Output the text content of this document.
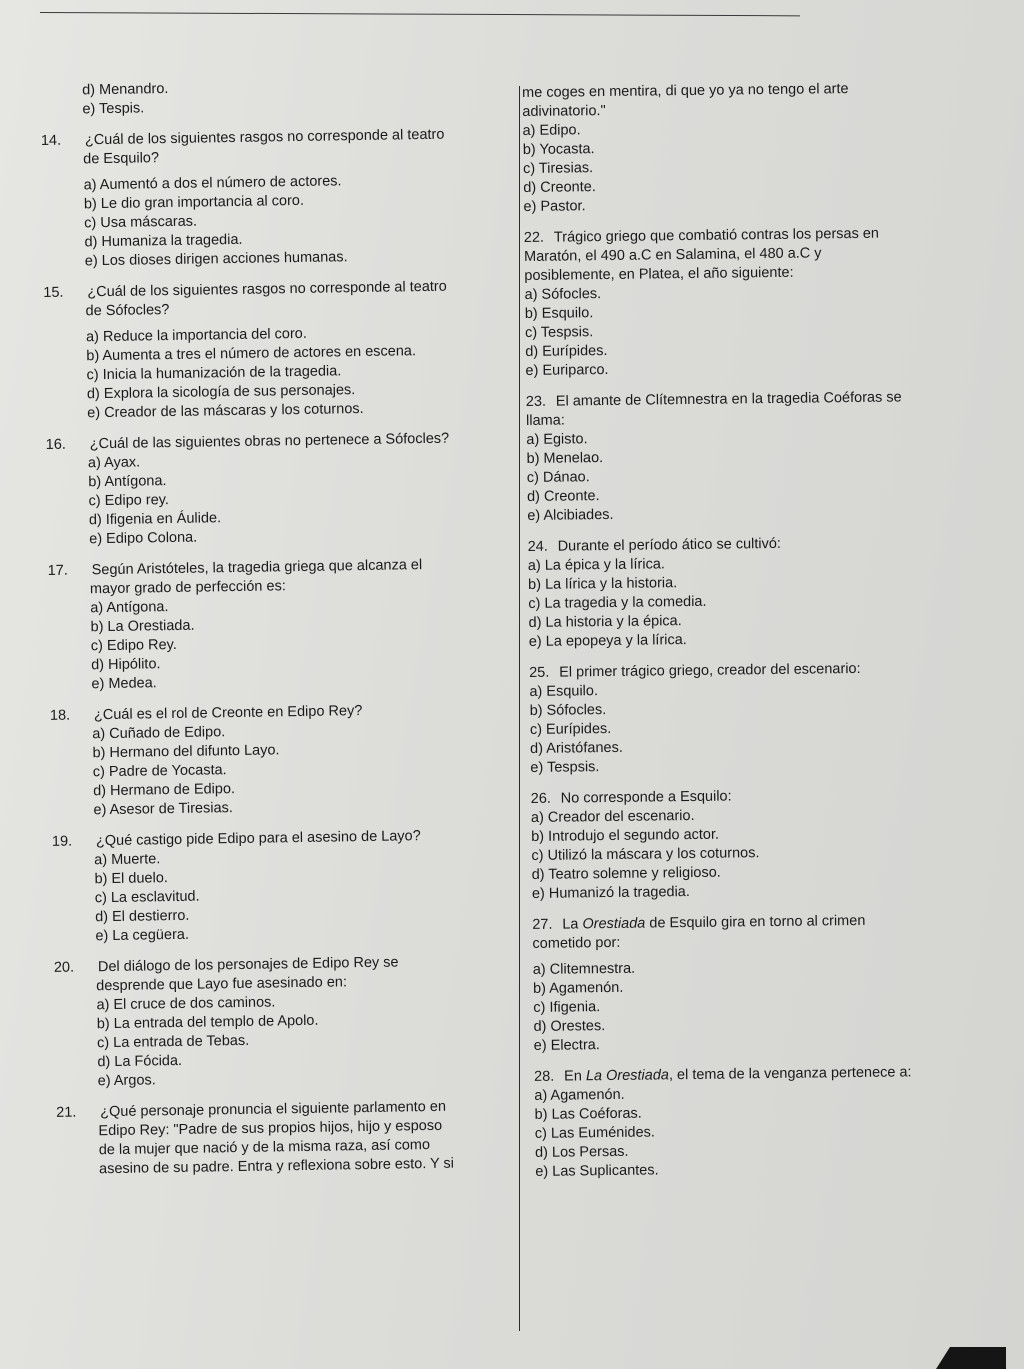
d) Menandro.
e) Tespis.
14.	¿Cuál de los siguientes rasgos no corresponde al teatro
de Esquilo?
a) Aumentó a dos el número de actores.
b) Le dio gran importancia al coro.
c) Usa máscaras.
d) Humaniza la tragedia.
e) Los dioses dirigen acciones humanas.
15.	¿Cuál de los siguientes rasgos no corresponde al teatro
de Sófocles?
a) Reduce la importancia del coro.
b) Aumenta a tres el número de actores en escena.
c) Inicia la humanización de la tragedia.
d) Explora la sicología de sus personajes.
e) Creador de las máscaras y los coturnos.
16.	¿Cuál de las siguientes obras no pertenece a Sófocles?
a) Ayax.
b) Antígona.
c) Edipo rey.
d) Ifigenia en Áulide.
e) Edipo Colona.
17.	Según Aristóteles, la tragedia griega que alcanza el
mayor grado de perfección es:
a) Antígona.
b) La Orestiada.
c) Edipo Rey.
d) Hipólito.
e) Medea.
18.	¿Cuál es el rol de Creonte en Edipo Rey?
a) Cuñado de Edipo.
b) Hermano del difunto Layo.
c) Padre de Yocasta.
d) Hermano de Edipo.
e) Asesor de Tiresias.
19.	¿Qué castigo pide Edipo para el asesino de Layo?
a) Muerte.
b) El duelo.
c) La esclavitud.
d) El destierro.
e) La cegüera.
20.	Del diálogo de los personajes de Edipo Rey se
desprende que Layo fue asesinado en:
a) El cruce de dos caminos.
b) La entrada del templo de Apolo.
c) La entrada de Tebas.
d) La Fócida.
e) Argos.
21.	¿Qué personaje pronuncia el siguiente parlamento en
Edipo Rey: "Padre de sus propios hijos, hijo y esposo
de la mujer que nació y de la misma raza, así como
asesino de su padre. Entra y reflexiona sobre esto. Y si
me coges en mentira, di que yo ya no tengo el arte
adivinatorio."
a) Edipo.
b) Yocasta.
c) Tiresias.
d) Creonte.
e) Pastor.
22. Trágico griego que combatió contras los persas en
Maratón, el 490 a.C en Salamina, el 480 a.C y
posiblemente, en Platea, el año siguiente:
a) Sófocles.
b) Esquilo.
c) Tespsis.
d) Eurípides.
e) Euriparco.
23. El amante de Clítemnestra en la tragedia Coéforas se
llama:
a) Egisto.
b) Menelao.
c) Dánao.
d) Creonte.
e) Alcibiades.
24. Durante el período ático se cultivó:
a) La épica y la lírica.
b) La lírica y la historia.
c) La tragedia y la comedia.
d) La historia y la épica.
e) La epopeya y la lírica.
25. El primer trágico griego, creador del escenario:
a) Esquilo.
b) Sófocles.
c) Eurípides.
d) Aristófanes.
e) Tespsis.
26. No corresponde a Esquilo:
a) Creador del escenario.
b) Introdujo el segundo actor.
c) Utilizó la máscara y los coturnos.
d) Teatro solemne y religioso.
e) Humanizó la tragedia.
27. La Orestiada de Esquilo gira en torno al crimen
cometido por:
a) Clitemnestra.
b) Agamenón.
c) Ifigenia.
d) Orestes.
e) Electra.
28. En La Orestiada, el tema de la venganza pertenece a:
a) Agamenón.
b) Las Coéforas.
c) Las Euménides.
d) Los Persas.
e) Las Suplicantes.
